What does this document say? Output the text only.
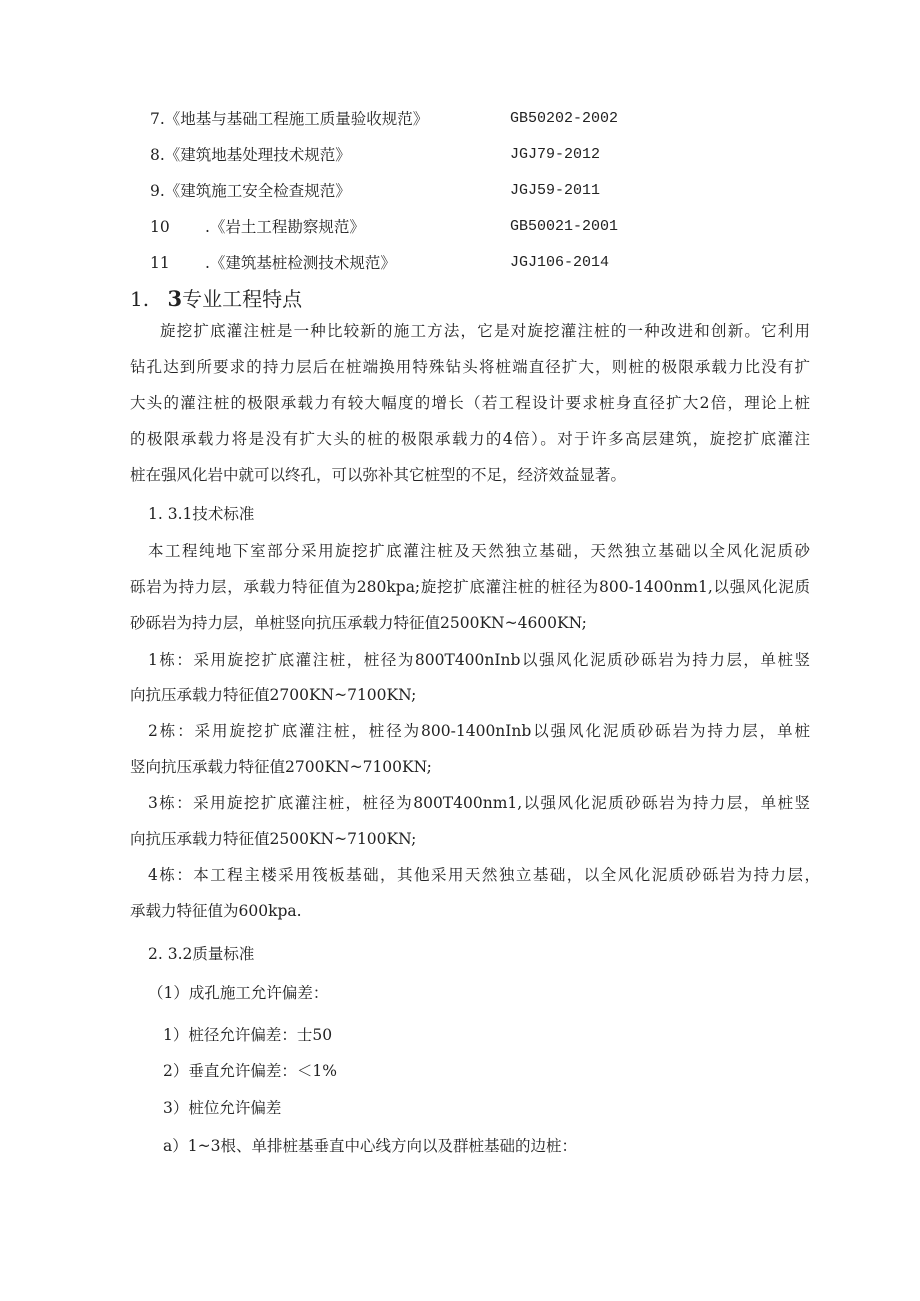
7.《地基与基础工程施工质量验收规范》	GB50202-2002
8.《建筑地基处理技术规范》	JGJ79-2012
9.《建筑施工安全检查规范》	JGJ59-2011
10 .《岩土工程勘察规范》	GB50021-2001
11 .《建筑基桩检测技术规范》	JGJ106-2014
1. 3专业工程特点
旋挖扩底灌注桩是一种比较新的施工方法，它是对旋挖灌注桩的一种改进和创新。它利用
钻孔达到所要求的持力层后在桩端换用特殊钻头将桩端直径扩大，则桩的极限承载力比没有扩
大头的灌注桩的极限承载力有较大幅度的增长（若工程设计要求桩身直径扩大2倍，理论上桩
的极限承载力将是没有扩大头的桩的极限承载力的4倍）。对于许多高层建筑，旋挖扩底灌注
桩在强风化岩中就可以终孔，可以弥补其它桩型的不足，经济效益显著。
1. 3.1技术标准
本工程纯地下室部分采用旋挖扩底灌注桩及天然独立基础，天然独立基础以全风化泥质砂
砾岩为持力层，承载力特征值为280kpa;旋挖扩底灌注桩的桩径为800-1400nm1,以强风化泥质
砂砾岩为持力层，单桩竖向抗压承载力特征值2500KN~4600KN;
1栋：采用旋挖扩底灌注桩，桩径为800T400nInb以强风化泥质砂砾岩为持力层，单桩竖
向抗压承载力特征值2700KN~7100KN;
2栋：采用旋挖扩底灌注桩，桩径为800-1400nInb以强风化泥质砂砾岩为持力层，单桩
竖向抗压承载力特征值2700KN~7100KN;
3栋：采用旋挖扩底灌注桩，桩径为800T400nm1,以强风化泥质砂砾岩为持力层，单桩竖
向抗压承载力特征值2500KN~7100KN;
4栋：本工程主楼采用筏板基础，其他采用天然独立基础，以全风化泥质砂砾岩为持力层，
承载力特征值为600kpa.
2. 3.2质量标准
（1）成孔施工允许偏差：
1）桩径允许偏差：士50
2）垂直允许偏差：＜1%
3）桩位允许偏差
a）1~3根、单排桩基垂直中心线方向以及群桩基础的边桩：
